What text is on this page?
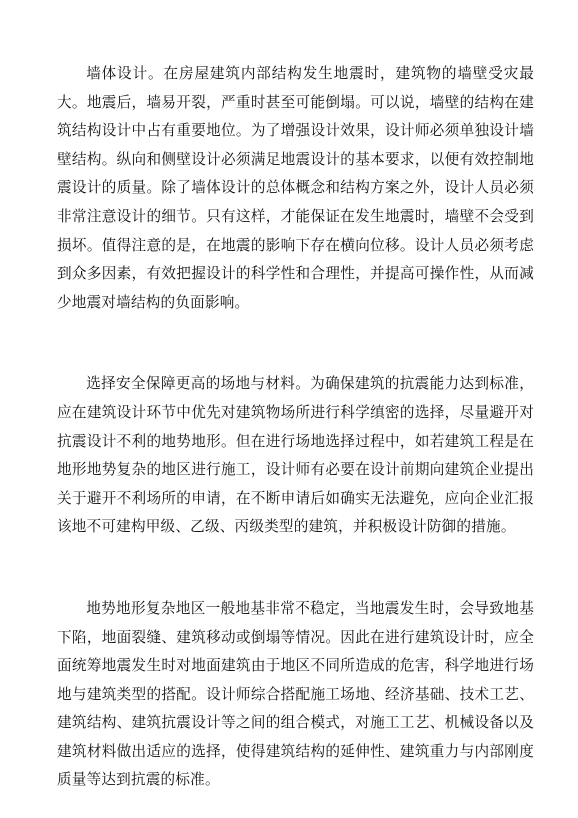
墙体设计。在房屋建筑内部结构发生地震时，建筑物的墙壁受灾最大。地震后，墙易开裂，严重时甚至可能倒塌。可以说，墙壁的结构在建筑结构设计中占有重要地位。为了增强设计效果，设计师必须单独设计墙壁结构。纵向和侧壁设计必须满足地震设计的基本要求，以便有效控制地震设计的质量。除了墙体设计的总体概念和结构方案之外，设计人员必须非常注意设计的细节。只有这样，才能保证在发生地震时，墙壁不会受到损坏。值得注意的是，在地震的影响下存在横向位移。设计人员必须考虑到众多因素，有效把握设计的科学性和合理性，并提高可操作性，从而减少地震对墙结构的负面影响。

选择安全保障更高的场地与材料。为确保建筑的抗震能力达到标准，应在建筑设计环节中优先对建筑物场所进行科学缜密的选择，尽量避开对抗震设计不利的地势地形。但在进行场地选择过程中，如若建筑工程是在地形地势复杂的地区进行施工，设计师有必要在设计前期向建筑企业提出关于避开不利场所的申请，在不断申请后如确实无法避免，应向企业汇报该地不可建构甲级、乙级、丙级类型的建筑，并积极设计防御的措施。

地势地形复杂地区一般地基非常不稳定，当地震发生时，会导致地基下陷，地面裂缝、建筑移动或倒塌等情况。因此在进行建筑设计时，应全面统筹地震发生时对地面建筑由于地区不同所造成的危害，科学地进行场地与建筑类型的搭配。设计师综合搭配施工场地、经济基础、技术工艺、建筑结构、建筑抗震设计等之间的组合模式，对施工工艺、机械设备以及建筑材料做出适应的选择，使得建筑结构的延伸性、建筑重力与内部刚度质量等达到抗震的标准。
